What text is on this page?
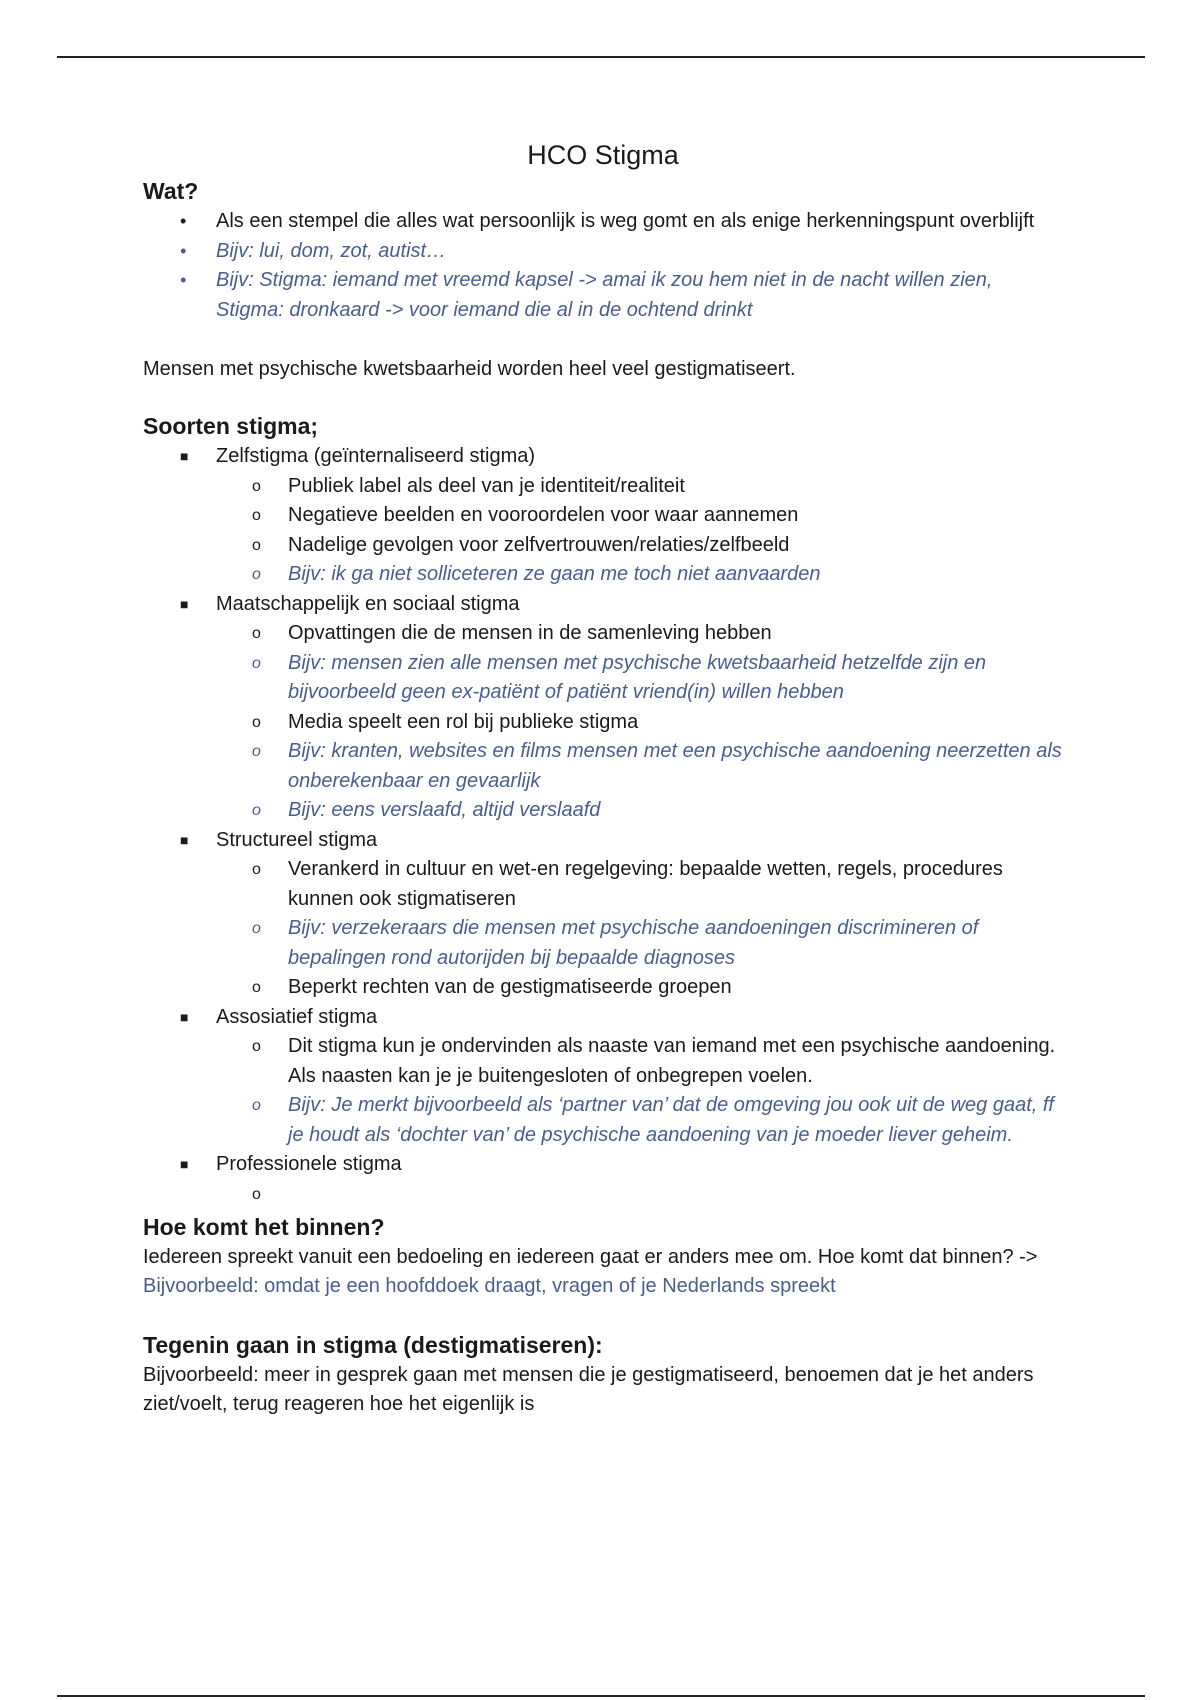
HCO Stigma
Wat?
• Als een stempel die alles wat persoonlijk is weg gomt en als enige herkenningspunt overblijft
• Bijv: lui, dom, zot, autist…
• Bijv: Stigma: iemand met vreemd kapsel -> amai ik zou hem niet in de nacht willen zien, Stigma: dronkaard -> voor iemand die al in de ochtend drinkt

Mensen met psychische kwetsbaarheid worden heel veel gestigmatiseert.

Soorten stigma;
■ Zelfstigma (geïnternaliseerd stigma)
o Publiek label als deel van je identiteit/realiteit
o Negatieve beelden en vooroordelen voor waar aannemen
o Nadelige gevolgen voor zelfvertrouwen/relaties/zelfbeeld
o Bijv: ik ga niet solliceteren ze gaan me toch niet aanvaarden
■ Maatschappelijk en sociaal stigma
o Opvattingen die de mensen in de samenleving hebben
o Bijv: mensen zien alle mensen met psychische kwetsbaarheid hetzelfde zijn en bijvoorbeeld geen ex-patiënt of patiënt vriend(in) willen hebben
o Media speelt een rol bij publieke stigma
o Bijv: kranten, websites en films mensen met een psychische aandoening neerzetten als onberekenbaar en gevaarlijk
o Bijv: eens verslaafd, altijd verslaafd
■ Structureel stigma
o Verankerd in cultuur en wet-en regelgeving: bepaalde wetten, regels, procedures kunnen ook stigmatiseren
o Bijv: verzekeraars die mensen met psychische aandoeningen discrimineren of bepalingen rond autorijden bij bepaalde diagnoses
o Beperkt rechten van de gestigmatiseerde groepen
■ Assosiatief stigma
o Dit stigma kun je ondervinden als naaste van iemand met een psychische aandoening. Als naasten kan je je buitengesloten of onbegrepen voelen.
o Bijv: Je merkt bijvoorbeeld als ‘partner van’ dat de omgeving jou ook uit de weg gaat, ff je houdt als ‘dochter van’ de psychische aandoening van je moeder liever geheim.
■ Professionele stigma
o

Hoe komt het binnen?

Iedereen spreekt vanuit een bedoeling en iedereen gaat er anders mee om. Hoe komt dat binnen? -> Bijvoorbeeld: omdat je een hoofddoek draagt, vragen of je Nederlands spreekt

Tegenin gaan in stigma (destigmatiseren):

Bijvoorbeeld: meer in gesprek gaan met mensen die je gestigmatiseerd, benoemen dat je het anders ziet/voelt, terug reageren hoe het eigenlijk is
